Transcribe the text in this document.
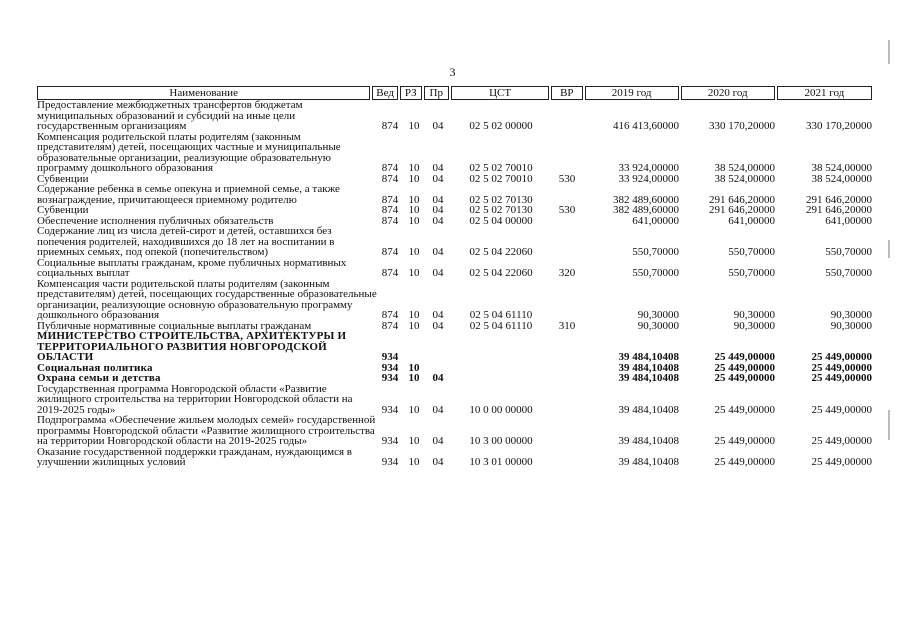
3
Наименование	Вед РЗ	Пр	ЦСТ	ВР	2019 год	2020 год	2021 год
Предоставление межбюджетных трансфертов бюджетам муниципальных образований и субсидий на иные цели государственным организациям	874 10	04	02 5 02 00000	416 413,60000	330 170,20000	330 170,20000
Компенсация родительской платы родителям (законным представителям) детей, посещающих частные и муниципальные образовательные организации, реализующие образовательную программу дошкольного образования	874 10	04	02 5 02 70010	33 924,00000	38 524,00000	38 524,00000
Субвенции	874 10	04	02 5 02 70010	530	33 924,00000	38 524,00000	38 524,00000
Содержание ребенка в семье опекуна и приемной семье, а также вознаграждение, причитающееся приемному родителю	874 10	04	02 5 02 70130	382 489,60000	291 646,20000	291 646,20000
Субвенции	874 10	04	02 5 02 70130	530	382 489,60000	291 646,20000	291 646,20000
Обеспечение исполнения публичных обязательств	874 10	04	02 5 04 00000	641,00000	641,00000	641,00000
Содержание лиц из числа детей-сирот и детей, оставшихся без попечения родителей, находившихся до 18 лет на воспитании в приемных семьях, под опекой (попечительством)	874 10	04	02 5 04 22060	550,70000	550,70000	550,70000
Социальные выплаты гражданам, кроме публичных нормативных социальных выплат	874 10	04	02 5 04 22060	320	550,70000	550,70000	550,70000
Компенсация части родительской платы родителям (законным представителям) детей, посещающих государственные образовательные организации, реализующие основную образовательную программу дошкольного образования	874 10	04	02 5 04 61110	90,30000	90,30000	90,30000
Публичные нормативные социальные выплаты гражданам	874 10	04	02 5 04 61110	310	90,30000	90,30000	90,30000
МИНИСТЕРСТВО СТРОИТЕЛЬСТВА, АРХИТЕКТУРЫ И ТЕРРИТОРИАЛЬНОГО РАЗВИТИЯ НОВГОРОДСКОЙ ОБЛАСТИ	934	39 484,10408	25 449,00000	25 449,00000
Социальная политика	934 10	39 484,10408	25 449,00000	25 449,00000
Охрана семьи и детства	934 10	04	39 484,10408	25 449,00000	25 449,00000
Государственная программа Новгородской области «Развитие жилищного строительства на территории Новгородской области на 2019-2025 годы»	934 10	04	10 0 00 00000	39 484,10408	25 449,00000	25 449,00000
Подпрограмма «Обеспечение жильем молодых семей» государственной программы Новгородской области «Развитие жилищного строительства на территории Новгородской области на 2019-2025 годы»	934 10	04	10 3 00 00000	39 484,10408	25 449,00000	25 449,00000
Оказание государственной поддержки гражданам, нуждающимся в улучшении жилищных условий	934 10	04	10 3 01 00000	39 484,10408	25 449,00000	25 449,00000
